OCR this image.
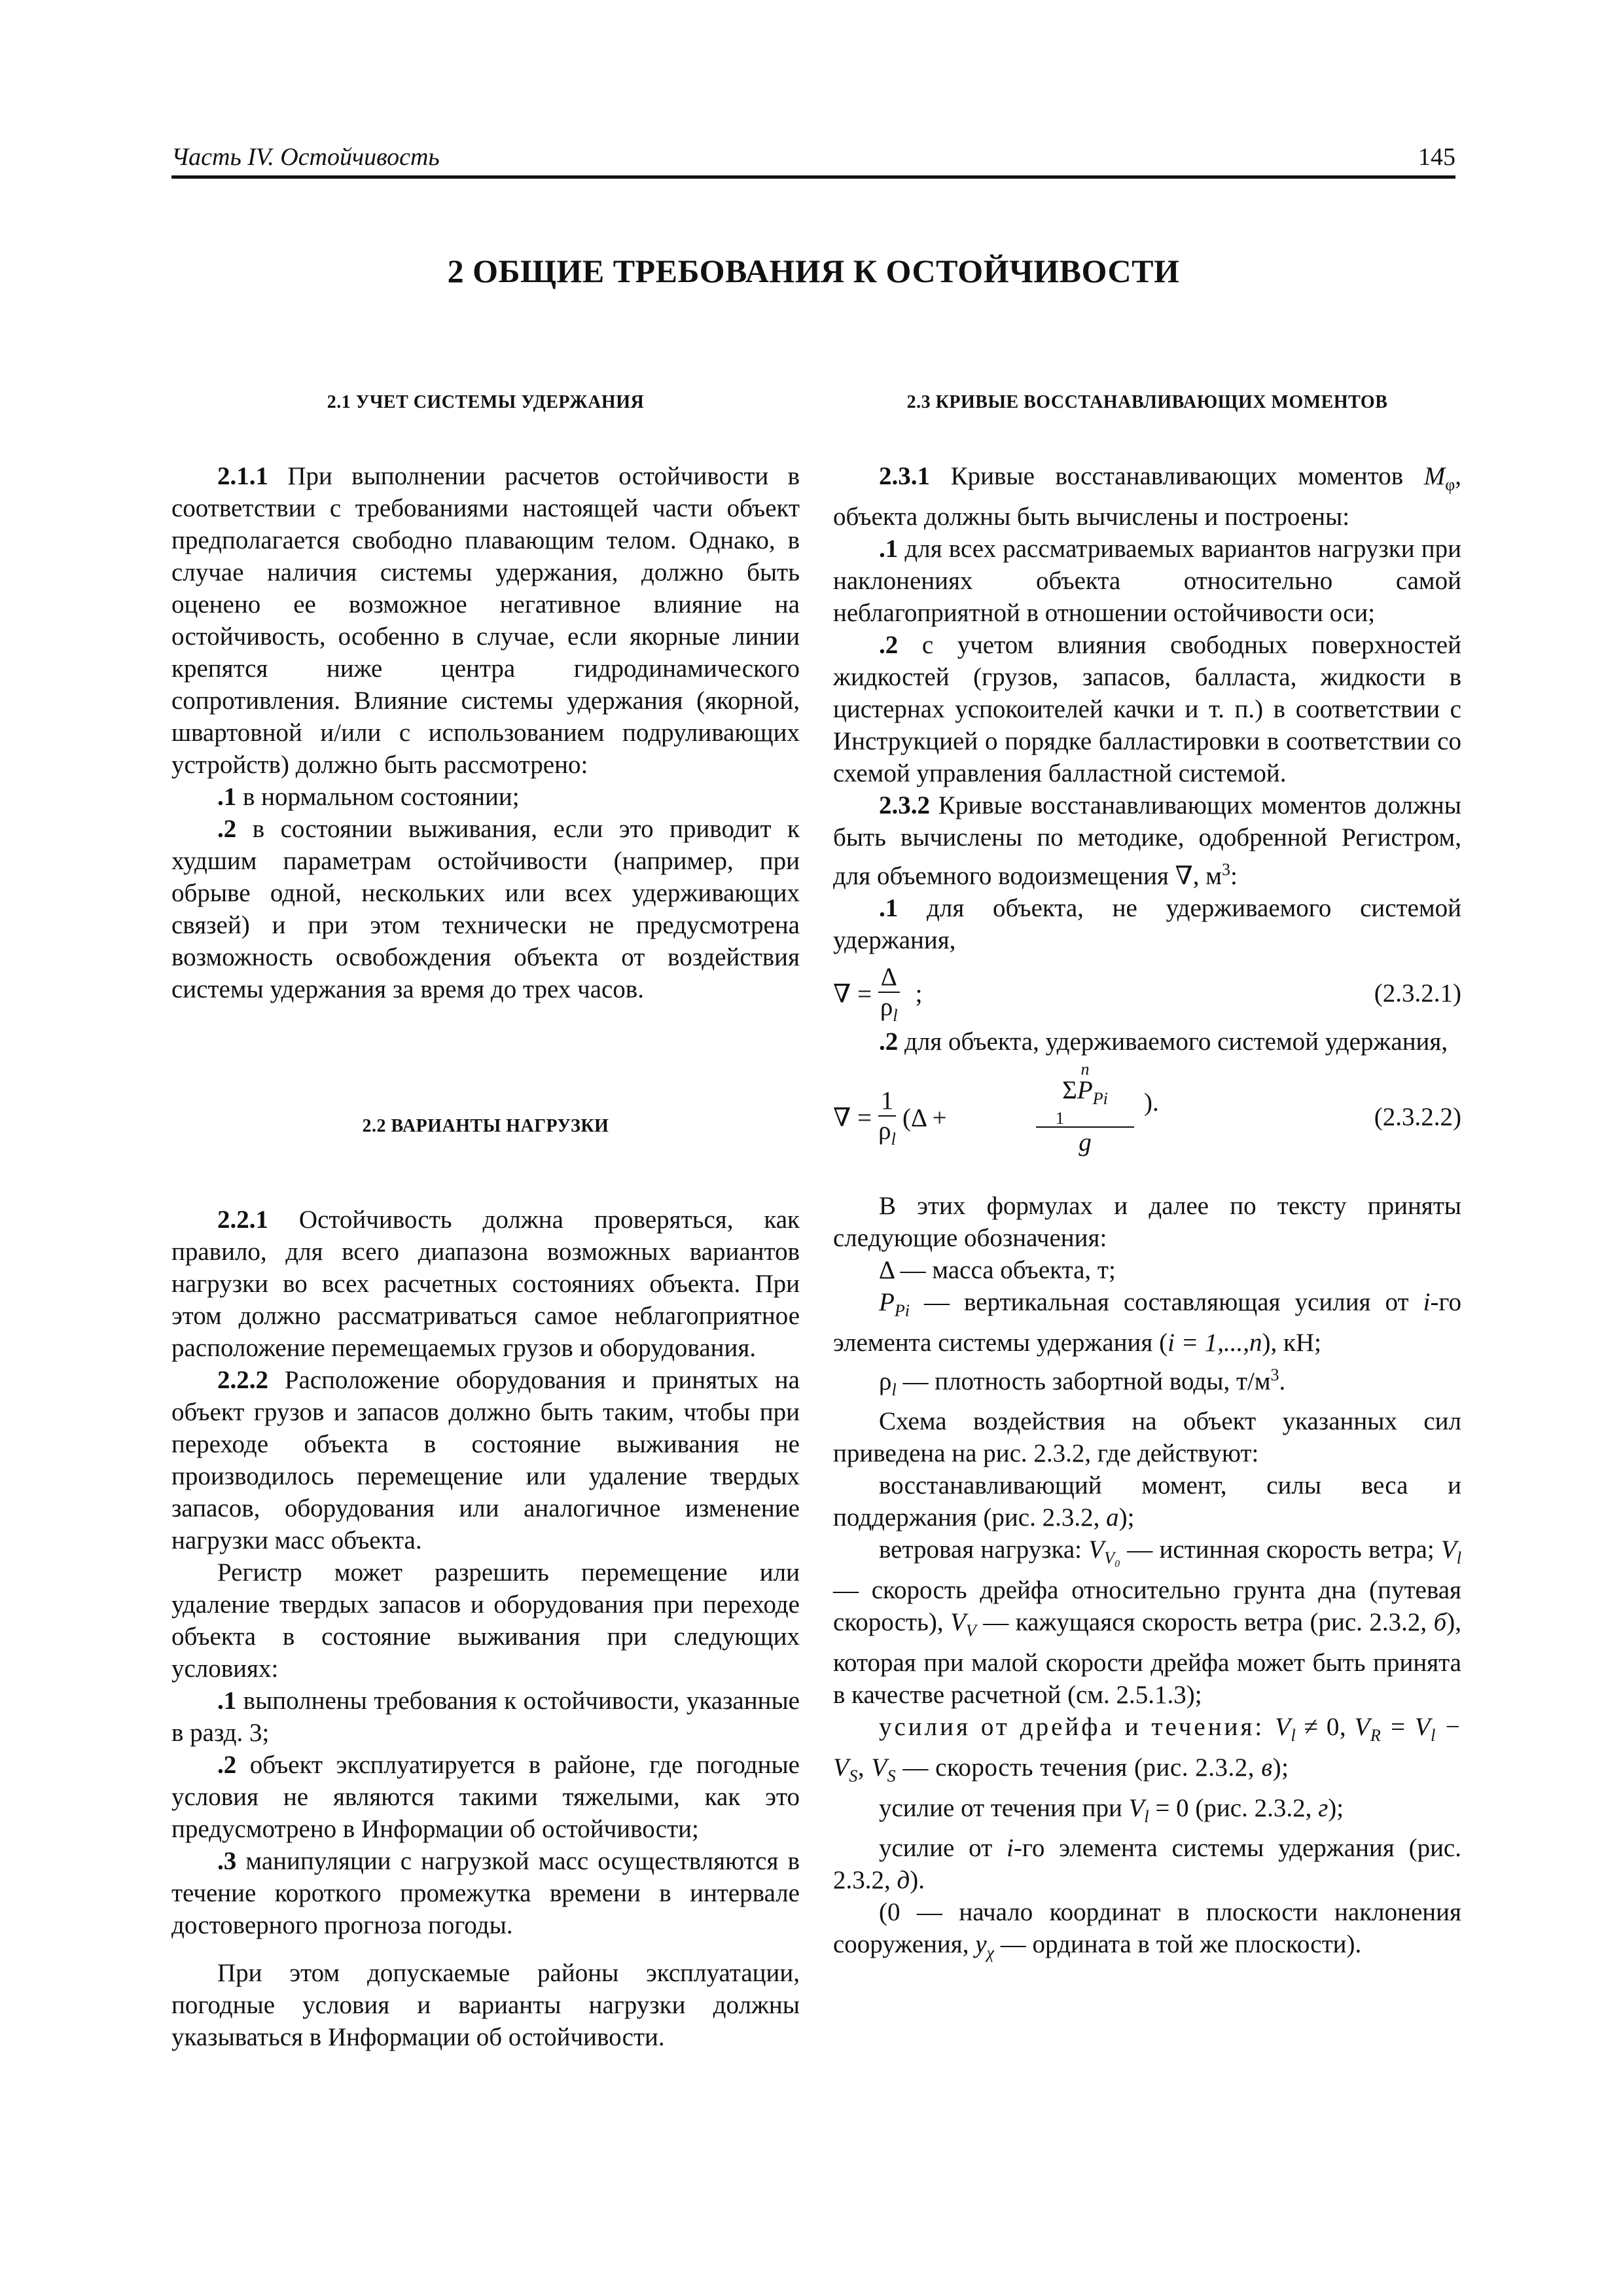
Часть IV. Остойчивость	145
2 ОБЩИЕ ТРЕБОВАНИЯ К ОСТОЙЧИВОСТИ
2.1 УЧЕТ СИСТЕМЫ УДЕРЖАНИЯ

2.1.1 При выполнении расчетов остойчивости в соответствии с требованиями настоящей части объект предполагается свободно плавающим телом. Однако, в случае наличия системы удержания, должно быть оценено ее возможное негативное влияние на остойчивость, особенно в случае, если якорные линии крепятся ниже центра гидродинамического сопротивления. Влияние системы удержания (якорной, швартовной и/или с использованием подруливающих устройств) должно быть рассмотрено:

.1 в нормальном состоянии;

.2 в состоянии выживания, если это приводит к худшим параметрам остойчивости (например, при обрыве одной, нескольких или всех удерживающих связей) и при этом технически не предусмотрена возможность освобождения объекта от воздействия системы удержания за время до трех часов.

2.2 ВАРИАНТЫ НАГРУЗКИ

2.2.1 Остойчивость должна проверяться, как правило, для всего диапазона возможных вариантов нагрузки во всех расчетных состояниях объекта. При этом должно рассматриваться самое неблагоприятное расположение перемещаемых грузов и оборудования.

2.2.2 Расположение оборудования и принятых на объект грузов и запасов должно быть таким, чтобы при переходе объекта в состояние выживания не производилось перемещение или удаление твердых запасов, оборудования или аналогичное изменение нагрузки масс объекта.

Регистр может разрешить перемещение или удаление твердых запасов и оборудования при переходе объекта в состояние выживания при следующих условиях:

.1 выполнены требования к остойчивости, указанные в разд. 3;

.2 объект эксплуатируется в районе, где погодные условия не являются такими тяжелыми, как это предусмотрено в Информации об остойчивости;

.3 манипуляции с нагрузкой масс осуществляются в течение короткого промежутка времени в интервале достоверного прогноза погоды.

При этом допускаемые районы эксплуатации, погодные условия и варианты нагрузки должны указываться в Информации об остойчивости.

2.3 КРИВЫЕ ВОССТАНАВЛИВАЮЩИХ МОМЕНТОВ

2.3.1 Кривые восстанавливающих моментов $M_\varphi$, объекта должны быть вычислены и построены:

.1 для всех рассматриваемых вариантов нагрузки при наклонениях объекта относительно самой неблагоприятной в отношении остойчивости оси;

.2 с учетом влияния свободных поверхностей жидкостей (грузов, запасов, балласта, жидкости в цистернах успокоителей качки и т. п.) в соответствии с Инструкцией о порядке балластировки в соответствии со схемой управления балластной системой.

2.3.2 Кривые восстанавливающих моментов должны быть вычислены по методике, одобренной Регистром, для объемного водоизмещения ∇, $м^3$:

.1 для объекта, не удерживаемого системой удержания,

∇ = $\frac{\Delta}{\rho_l}$ ;	(2.3.2.1)

.2 для объекта, удерживаемого системой удержания,

∇ = $\frac{1}{\rho_l} (\Delta$ +
n
$\Sigma P_{Pi}$
1
g
).
(2.3.2.2)

В этих формулах и далее по тексту приняты следующие обозначения:

Δ — масса объекта, т;

$P_{Pi}$ — вертикальная составляющая усилия от i-го элемента системы удержания (i = 1,...,n), кН;

$\rho_l$ — плотность забортной воды, $т/м^3$.

Схема воздействия на объект указанных сил приведена на рис. 2.3.2, где действуют:

восстанавливающий момент, силы веса и поддержания (рис. 2.3.2, а);

ветровая нагрузка: $V_{V_0}$ — истинная скорость ветра; $V_l$ — скорость дрейфа относительно грунта дна (путевая скорость), $V_V$ — кажущаяся скорость ветра (рис. 2.3.2, б), которая при малой скорости дрейфа может быть принята в качестве расчетной (см. 2.5.1.3);

усилия от дрейфа и течения: $V_l \ne 0$, $V_R = V_l - V_S$, $V_S$ — скорость течения (рис. 2.3.2, в);

усилие от течения при $V_l = 0$ (рис. 2.3.2, г);

усилие от i-го элемента системы удержания (рис. 2.3.2, д).

(0 — начало координат в плоскости наклонения сооружения, $y_\chi$ — ордината в той же плоскости).
